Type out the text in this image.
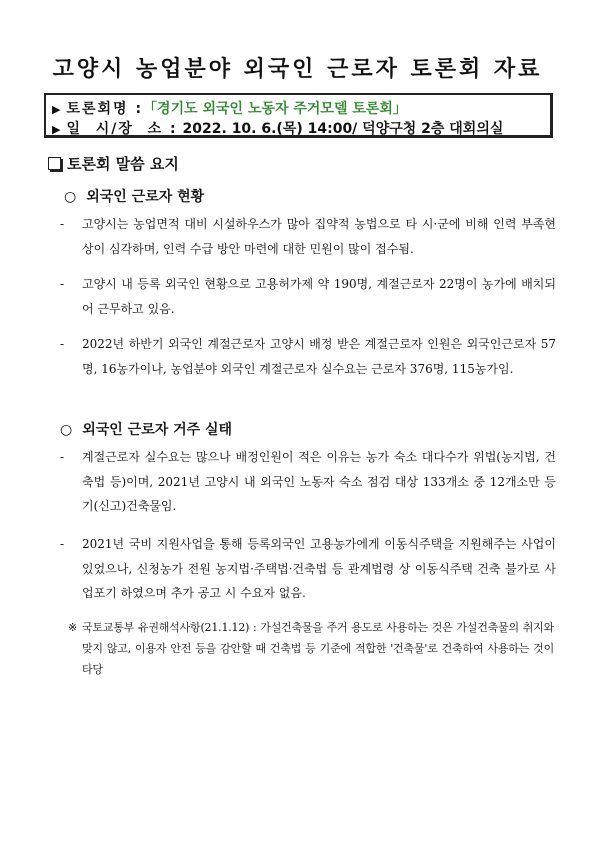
고양시 농업분야 외국인 근로자 토론회 자료
▶ 토론회명 :「경기도 외국인 노동자 주거모델 토론회」
▶ 일  시/장  소 : 2022. 10. 6.(목) 14:00/ 덕양구청 2층 대회의실
토론회 말씀 요지
○ 외국인 근로자 현황
- 고양시는 농업면적 대비 시설하우스가 많아 집약적 농법으로 타 시·군에 비해 인력 부족현상이 심각하며, 인력 수급 방안 마련에 대한 민원이 많이 접수됨.
- 고양시 내 등록 외국인 현황으로 고용허가제 약 190명, 계절근로자 22명이 농가에 배치되어 근무하고 있음.
- 2022년 하반기 외국인 계절근로자 고양시 배정 받은 계절근로자 인원은 외국인근로자 57명, 16농가이나, 농업분야 외국인 계절근로자 실수요는 근로자 376명, 115농가임.
○ 외국인 근로자 거주 실태
- 계절근로자 실수요는 많으나 배정인원이 적은 이유는 농가 숙소 대다수가 위법(농지법, 건축법 등)이며, 2021년 고양시 내 외국인 노동자 숙소 점검 대상 133개소 중 12개소만 등기(신고)건축물임.
- 2021년 국비 지원사업을 통해 등록외국인 고용농가에게 이동식주택을 지원해주는 사업이 있었으나, 신청농가 전원 농지법·주택법·건축법 등 관계법령 상 이동식주택 건축 불가로 사업포기 하였으며 추가 공고 시 수요자 없음.
※ 국토교통부 유권해석사항(21.1.12) : 가설건축물을 주거 용도로 사용하는 것은 가설건축물의 취지와 맞지 않고, 이용자 안전 등을 감안할 때 건축법 등 기준에 적합한 '건축물'로 건축하여 사용하는 것이 타당
